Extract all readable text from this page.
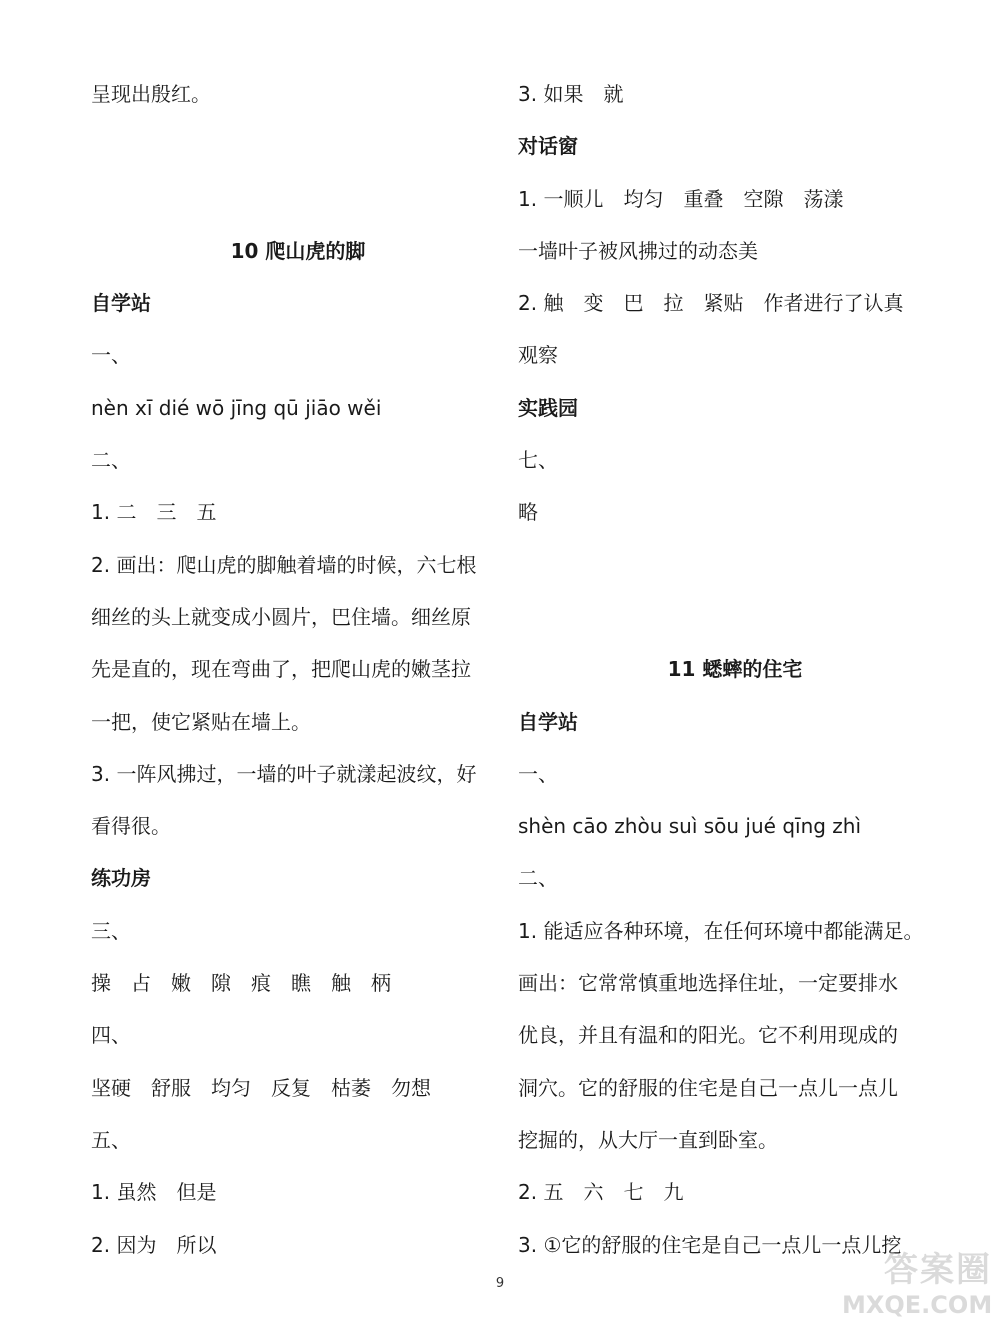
呈现出殷红。
10 爬山虎的脚
自学站
一、
nèn xī dié wō jīng qū jiāo wěi
二、
1. 二　三　五
2. 画出：爬山虎的脚触着墙的时候，六七根
细丝的头上就变成小圆片，巴住墙。细丝原
先是直的，现在弯曲了，把爬山虎的嫩茎拉
一把，使它紧贴在墙上。
3. 一阵风拂过，一墙的叶子就漾起波纹，好
看得很。
练功房
三、
操　占　嫩　隙　痕　瞧　触　柄
四、
坚硬　舒服　均匀　反复　枯萎　勿想
五、
1. 虽然　但是
2. 因为　所以
3. 如果　就
对话窗
1. 一顺儿　均匀　重叠　空隙　荡漾
一墙叶子被风拂过的动态美
2. 触　变　巴　拉　紧贴　作者进行了认真
观察
实践园
七、
略
11 蟋蟀的住宅
自学站
一、
shèn cāo zhòu suì sōu jué qīng zhì
二、
1. 能适应各种环境，在任何环境中都能满足。
画出：它常常慎重地选择住址，一定要排水
优良，并且有温和的阳光。它不利用现成的
洞穴。它的舒服的住宅是自己一点儿一点儿
挖掘的，从大厅一直到卧室。
2. 五　六　七　九
3. ①它的舒服的住宅是自己一点儿一点儿挖
9	答案圈
MXQE.COM
